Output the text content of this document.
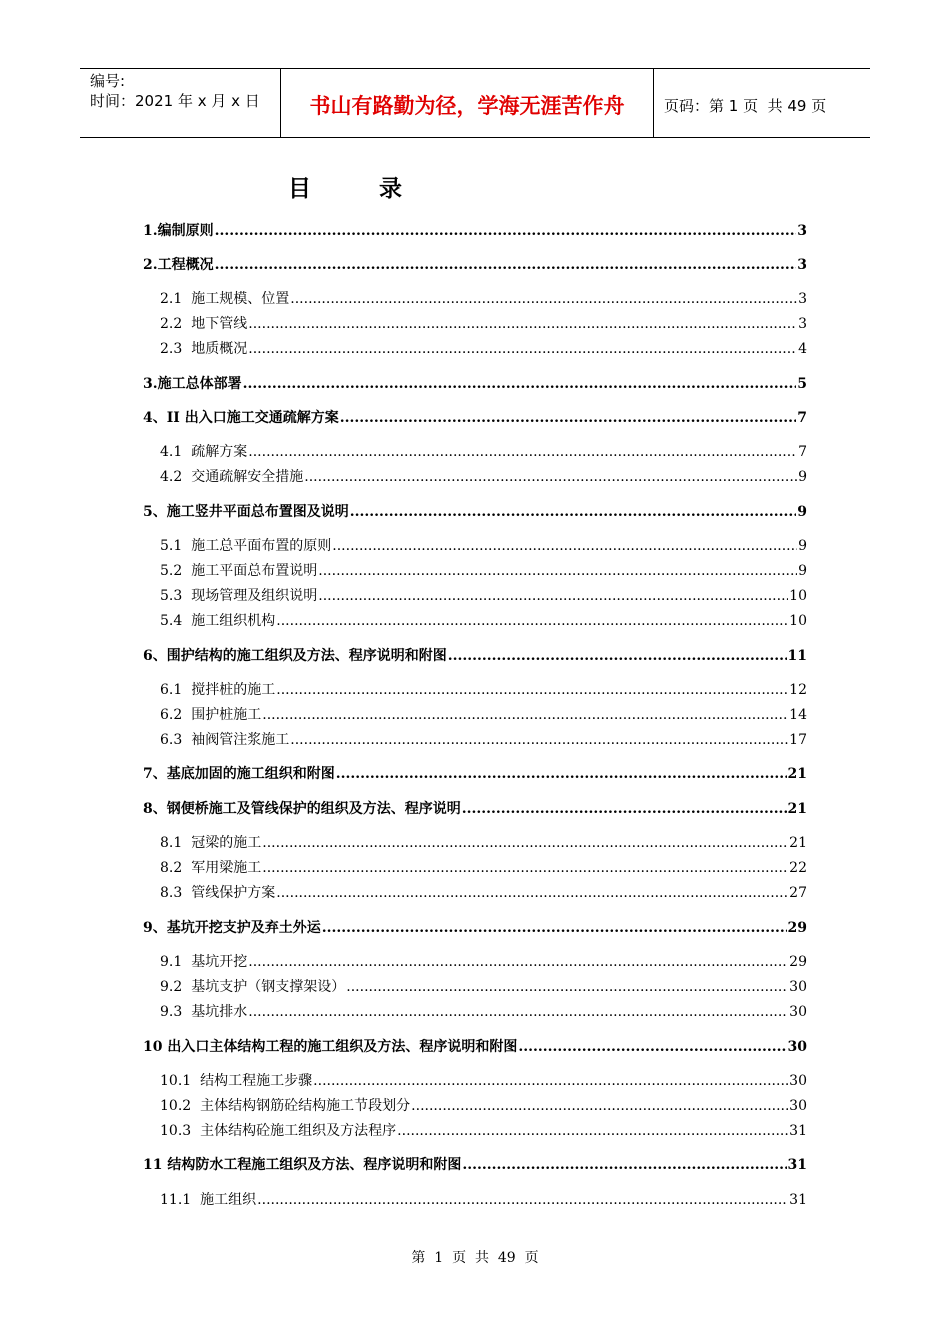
编号:
时间：2021 年 x 月 x 日	书山有路勤为径，学海无涯苦作舟	页码：第 1 页  共 49 页
目	录
1.编制原则 .....	3
2.工程概况 .....	3
2.1 施工规模、位置 .....	3
2.2 地下管线 .....	3
2.3 地质概况 .....	4
3.施工总体部署 .....	5
4、II 出入口施工交通疏解方案 .....	7
4.1 疏解方案 .....	7
4.2 交通疏解安全措施 .....	9
5、施工竖井平面总布置图及说明 .....	9
5.1 施工总平面布置的原则 .....	9
5.2 施工平面总布置说明 .....	9
5.3 现场管理及组织说明 .....	10
5.4 施工组织机构 .....	10
6、围护结构的施工组织及方法、程序说明和附图 .....	11
6.1 搅拌桩的施工 .....	12
6.2 围护桩施工 .....	14
6.3 袖阀管注浆施工 .....	17
7、基底加固的施工组织和附图 .....	21
8、钢便桥施工及管线保护的组织及方法、程序说明 .....	21
8.1 冠梁的施工 .....	21
8.2 军用梁施工 .....	22
8.3 管线保护方案 .....	27
9、基坑开挖支护及弃土外运 .....	29
9.1 基坑开挖 .....	29
9.2 基坑支护（钢支撑架设） .....	30
9.3 基坑排水 .....	30
10 出入口主体结构工程的施工组织及方法、程序说明和附图 .....	30
10.1 结构工程施工步骤 .....	30
10.2 主体结构钢筋砼结构施工节段划分 .....	30
10.3 主体结构砼施工组织及方法程序 .....	31
11 结构防水工程施工组织及方法、程序说明和附图 .....	31
11.1 施工组织 .....	31
第  1  页  共  49  页
